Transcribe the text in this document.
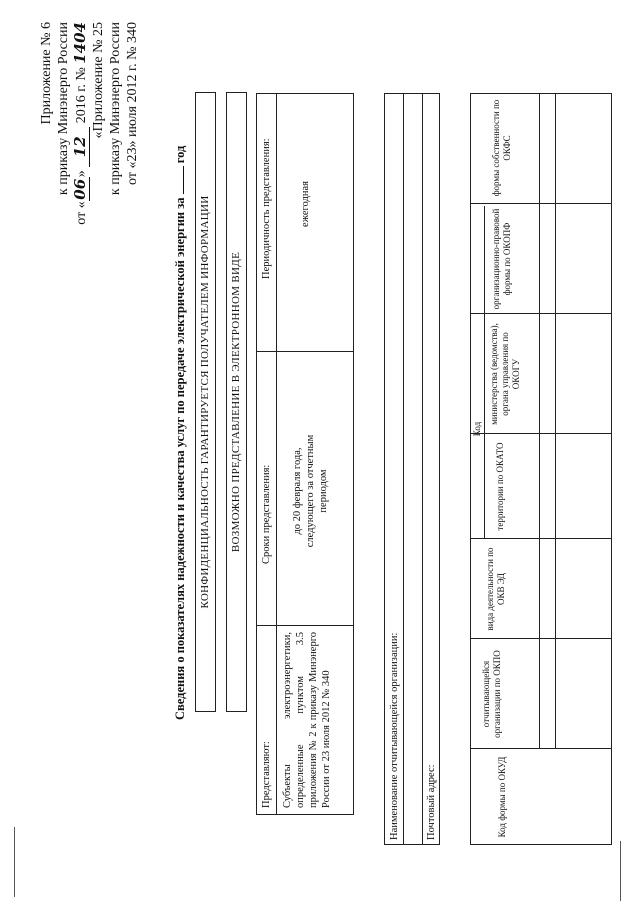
Приложение № 6 к приказу Минэнерго России
от «06» 12 2016 г. № 1404 «Приложение № 25 к приказу Минэнерго России от «23» июля 2012 г. № 340
Сведения о показателях надежности и качества услуг по передаче электрической энергии за  год
КОНФИДЕНЦИАЛЬНОСТЬ ГАРАНТИРУЕТСЯ ПОЛУЧАТЕЛЕМ ИНФОРМАЦИИ	ВОЗМОЖНО ПРЕДСТАВЛЕНИЕ В ЭЛЕКТРОННОМ ВИДЕ
Представляют:
Сроки представления:
Периодичность представления:
Субъекты электроэнергетики, определенные пунктом 3.5 приложения № 2 к приказу Минэнерго России от 23 июля 2012 № 340
до 20 февраля года, следующего за отчетным периодом
ежегодная
Наименование отчитывающейся организации: Почтовый адрес:	Код формы по ОКУД
Код
отчитывающейся организации по ОКПО
вида деятельности по ОКВ ЭД
территории по ОКАТО
министерства (ведомства), органа управления по ОКОГУ
организационно-правовой формы по ОКОПФ
формы собственности по ОКФС
